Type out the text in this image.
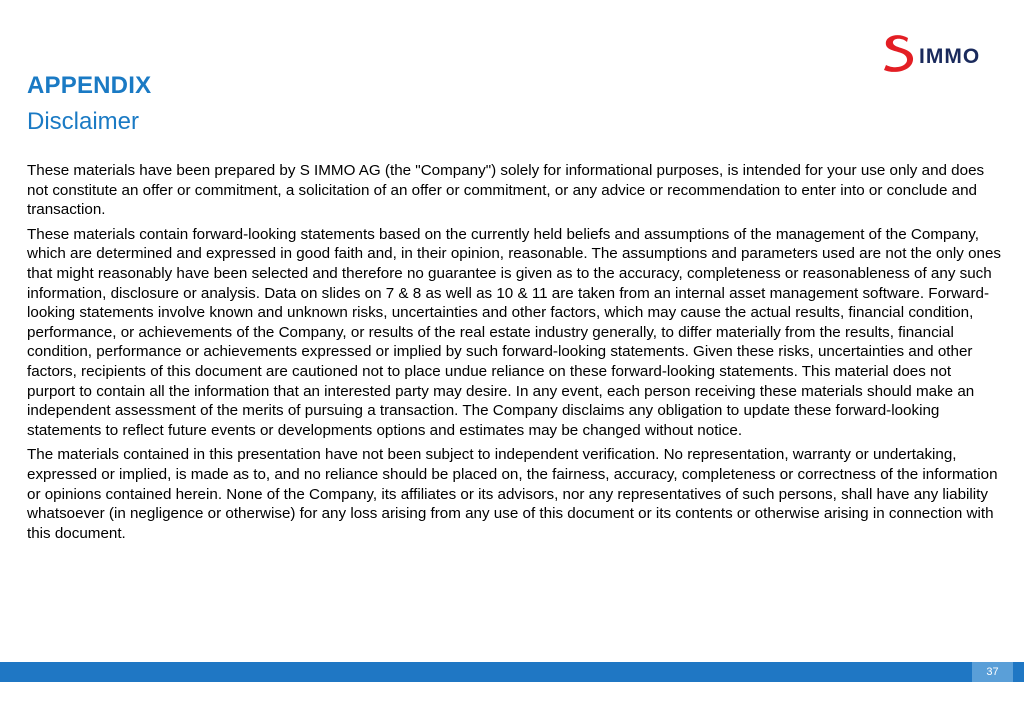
IMMO
APPENDIX
Disclaimer

These materials have been prepared by S IMMO AG (the "Company") solely for informational purposes, is intended for your use only and does not constitute an offer or commitment, a solicitation of an offer or commitment, or any advice or recommendation to enter into or conclude and transaction.

These materials contain forward-looking statements based on the currently held beliefs and assumptions of the management of the Company, which are determined and expressed in good faith and, in their opinion, reasonable. The assumptions and parameters used are not the only ones that might reasonably have been selected and therefore no guarantee is given as to the accuracy, completeness or reasonableness of any such information, disclosure or analysis. Data on slides on 7 & 8 as well as 10 & 11 are taken from an internal asset management software. Forward-looking statements involve known and unknown risks, uncertainties and other factors, which may cause the actual results, financial condition, performance, or achievements of the Company, or results of the real estate industry generally, to differ materially from the results, financial condition, performance or achievements expressed or implied by such forward-looking statements. Given these risks, uncertainties and other factors, recipients of this document are cautioned not to place undue reliance on these forward-looking statements. This material does not purport to contain all the information that an interested party may desire. In any event, each person receiving these materials should make an independent assessment of the merits of pursuing a transaction. The Company disclaims any obligation to update these forward-looking statements to reflect future events or developments options and estimates may be changed without notice.

The materials contained in this presentation have not been subject to independent verification. No representation, warranty or undertaking, expressed or implied, is made as to, and no reliance should be placed on, the fairness, accuracy, completeness or correctness of the information or opinions contained herein. None of the Company, its affiliates or its advisors, nor any representatives of such persons, shall have any liability whatsoever (in negligence or otherwise) for any loss arising from any use of this document or its contents or otherwise arising in connection with this document.

37
